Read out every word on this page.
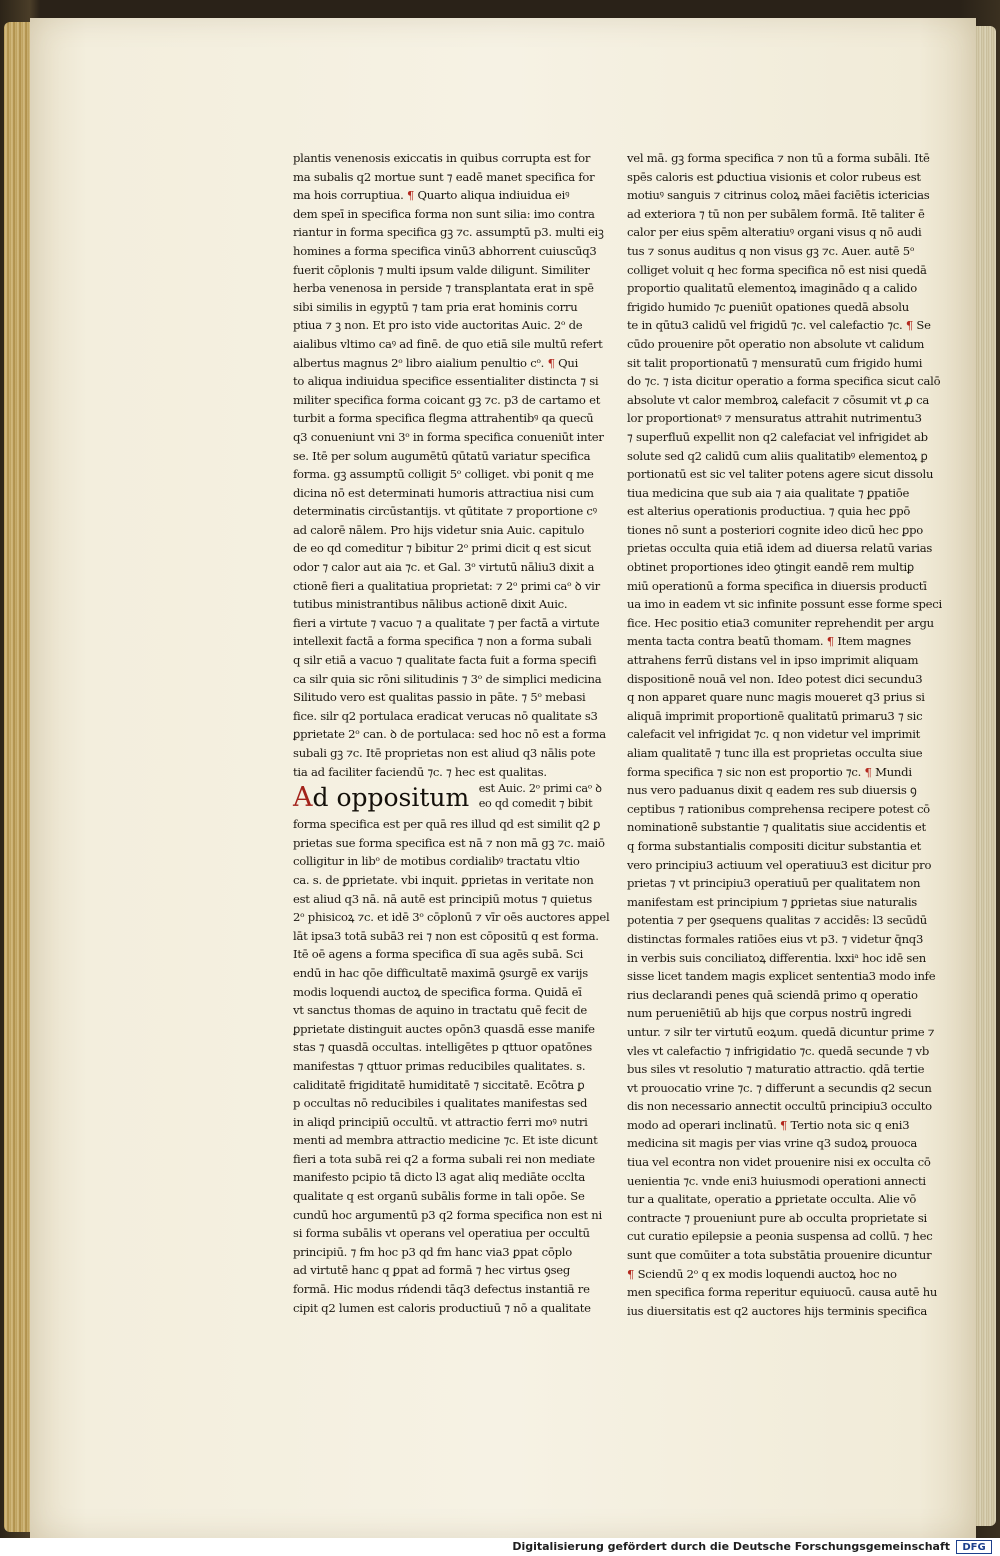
plantis venenosis exiccatis in quibus corrupta est for
ma subalis q2 mortue sunt ⁊ eadē manet specifica for
ma hois corruptiua. ¶ Quarto aliqua indiuidua eiꝰ
dem speī in specifica forma non sunt silia: imo contra
riantur in forma specifica gꝫ ⁊c. assumptū p3. multi eiꝫ
homines a forma specifica vinū3 abhorrent cuiuscūq3
fuerit cōplonis ⁊ multi ipsum valde diligunt. Similiter
herba venenosa in perside ⁊ transplantata erat in spē
sibi similis in egyptū ⁊ tam pria erat hominis corru
ptiua ⁊ ꝫ non. Et pro isto vide auctoritas Auic. 2ᵒ de
aialibus vltimo caꝰ ad finē. de quo etiā sile multū refert
albertus magnus 2ᵒ libro aialium penultio cᵒ. ¶ Qui
to aliqua indiuidua specifice essentialiter distincta ⁊ si
militer specifica forma coicant gꝫ ⁊c. p3 de cartamo et
turbit a forma specifica flegma attrahentibꝰ qa quecū
q3 conueniunt vni 3ᵒ in forma specifica conueniūt inter
se. Itē per solum augumētū qūtatū variatur specifica
forma. gꝫ assumptū colligit 5ᵒ colliget. vbi ponit q me
dicina nō est determinati humoris attractiua nisi cum
determinatis circūstantijs. vt qūtitate ⁊ proportione cꝰ
ad calorē nālem. Pro hijs videtur snia Auic. capitulo
de eo qd comeditur ⁊ bibitur 2ᵒ primi dicit q est sicut
odor ⁊ calor aut aia ⁊c. et Gal. 3ᵒ virtutū nāliu3 dixit a
ctionē fieri a qualitatiua proprietat: ⁊ 2ᵒ primi caᵒ ꝺ vir
tutibus ministrantibus nālibus actionē dixit Auic.
fieri a virtute ⁊ vacuo ⁊ a qualitate ⁊ per factā a virtute
intellexit factā a forma specifica ⁊ non a forma subali
q silr etiā a vacuo ⁊ qualitate facta fuit a forma specifi
ca silr quia sic rōni silitudinis ⁊ 3ᵒ de simplici medicina
Silitudo vero est qualitas passio in pāte. ⁊ 5ᵒ mebasi
fice. silr q2 portulaca eradicat verucas nō qualitate s3
ꝑprietate 2ᵒ can. ꝺ de portulaca: sed hoc nō est a forma
subali gꝫ ⁊c. Itē proprietas non est aliud q3 nālis pote
tia ad faciliter faciendū ⁊c. ⁊ hec est qualitas.
Ad oppositum est Auic. 2ᵒ primi caᵒ ꝺ
eo qd comedit ⁊ bibit
forma specifica est per quā res illud qd est similit q2 ꝑ
prietas sue forma specifica est nā ⁊ non mā gꝫ ⁊c. maiō
colligitur in libᵒ de motibus cordialibꝰ tractatu vltio
ca. s. de ꝑprietate. vbi inquit. ꝑprietas in veritate non
est aliud q3 nā. nā autē est principiū motus ⁊ quietus
2ᵒ phisicoꝝ ⁊c. et idē 3ᵒ cōplonū ⁊ vīr oēs auctores appel
lāt ipsa3 totā subā3 rei ⁊ non est cōpositū q est forma.
Itē oē agens a forma specifica dī sua agēs subā. Sci
endū in hac qōe difficultatē maximā ꝯsurgē ex varijs
modis loquendi auctoꝝ de specifica forma. Quidā eī
vt sanctus thomas de aquino in tractatu quē fecit de
ꝑprietate distinguit auctes opōn3 quasdā esse manife
stas ⁊ quasdā occultas. intelligētes p qttuor opatōnes
manifestas ⁊ qttuor primas reducibiles qualitates. s.
caliditatē frigiditatē humiditatē ⁊ siccitatē. Ecōtra ꝑ
p occultas nō reducibiles i qualitates manifestas sed
in aliqd principiū occultū. vt attractio ferri moꝰ nutri
menti ad membra attractio medicine ⁊c. Et iste dicunt
fieri a tota subā rei q2 a forma subali rei non mediate
manifesto pcipio tā dicto l3 agat aliq mediāte occlta
qualitate q est organū subālis forme in tali opōe. Se
cundū hoc argumentū p3 q2 forma specifica non est ni
si forma subālis vt operans vel operatiua per occultū
principiū. ⁊ fm hoc p3 qd fm hanc via3 ꝑpat cōplo
ad virtutē hanc q ꝑpat ad formā ⁊ hec virtus ꝯseg
formā. Hic modus rńdendi tāq3 defectus instantiā re
cipit q2 lumen est caloris productiuū ⁊ nō a qualitate
vel mā. gꝫ forma specifica ⁊ non tū a forma subāli. Itē
spēs caloris est ꝑductiua visionis et color rubeus est
motiuꝰ sanguis ⁊ citrinus coloꝝ māei faciētis ictericias
ad exteriora ⁊ tū non per subālem formā. Itē taliter ē
calor per eius spēm alteratiuꝰ organi visus q nō audi
tus ⁊ sonus auditus q non visus gꝫ ⁊c. Auer. autē 5ᵒ
colliget voluit q hec forma specifica nō est nisi quedā
proportio qualitatū elementoꝝ imaginādo q a calido
frigido humido ⁊c ꝑueniūt opationes quedā absolu
te in qūtu3 calidū vel frigidū ⁊c. vel calefactio ⁊c. ¶ Se
cūdo prouenire pōt operatio non absolute vt calidum
sit talit proportionatū ⁊ mensuratū cum frigido humi
do ⁊c. ⁊ ista dicitur operatio a forma specifica sicut calō
absolute vt calor membroꝝ calefacit ⁊ cōsumit vt ꝓ ca
lor proportionatꝰ ⁊ mensuratus attrahit nutrimentu3
⁊ superfluū expellit non q2 calefaciat vel infrigidet ab
solute sed q2 calidū cum aliis qualitatibꝰ elementoꝝ ꝑ
portionatū est sic vel taliter potens agere sicut dissolu
tiua medicina que sub aia ⁊ aia qualitate ⁊ ꝑpatiōe
est alterius operationis productiua. ⁊ quia hec ꝑpō
tiones nō sunt a posteriori cognite ideo dicū hec ꝑpo
prietas occulta quia etiā idem ad diuersa relatū varias
obtinet proportiones ideo ꝯtingit eandē rem multiꝑ
miū operationū a forma specifica in diuersis productī
ua imo in eadem vt sic infinite possunt esse forme speci
fice. Hec positio etia3 comuniter reprehendit per argu
menta tacta contra beatū thomam. ¶ Item magnes
attrahens ferrū distans vel in ipso imprimit aliquam
dispositionē nouā vel non. Ideo potest dici secundu3
q non apparet quare nunc magis moueret q3 prius si
aliquā imprimit proportionē qualitatū primaru3 ⁊ sic
calefacit vel infrigidat ⁊c. q non videtur vel imprimit
aliam qualitatē ⁊ tunc illa est proprietas occulta siue
forma specifica ⁊ sic non est proportio ⁊c. ¶ Mundi
nus vero paduanus dixit q eadem res sub diuersis ꝯ
ceptibus ⁊ rationibus comprehensa recipere potest cō
nominationē substantie ⁊ qualitatis siue accidentis et
q forma substantialis compositi dicitur substantia et
vero principiu3 actiuum vel operatiuu3 est dicitur pro
prietas ⁊ vt principiu3 operatiuū per qualitatem non
manifestam est principium ⁊ ꝑprietas siue naturalis
potentia ⁊ per ꝯsequens qualitas ⁊ accidēs: l3 secūdū
distinctas formales ratiōes eius vt p3. ⁊ videtur q̄nq3
in verbis suis conciliatoꝝ differentia. lxxiᵃ hoc idē sen
sisse licet tandem magis explicet sententia3 modo infe
rius declarandi penes quā sciendā primo q operatio
num perueniētiū ab hijs que corpus nostrū ingredi
untur. ⁊ silr ter virtutū eoꝝum. quedā dicuntur prime ⁊
vles vt calefactio ⁊ infrigidatio ⁊c. quedā secunde ⁊ vb
bus siles vt resolutio ⁊ maturatio attractio. qdā tertie
vt prouocatio vrine ⁊c. ⁊ differunt a secundis q2 secun
dis non necessario annectit occultū principiu3 occulto
modo ad operari inclinatū. ¶ Tertio nota sic q eni3
medicina sit magis per vias vrine q3 sudoꝝ prouoca
tiua vel econtra non videt prouenire nisi ex occulta cō
uenientia ⁊c. vnde eni3 huiusmodi operationi annecti
tur a qualitate, operatio a ꝑprietate occulta. Alie vō
contracte ⁊ proueniunt pure ab occulta proprietate si
cut curatio epilepsie a peonia suspensa ad collū. ⁊ hec
sunt que comūiter a tota substātia prouenire dicuntur
¶ Sciendū 2ᵒ q ex modis loquendi auctoꝝ hoc no
men specifica forma reperitur equiuocū. causa autē hu
ius diuersitatis est q2 auctores hijs terminis specifica
Digitalisierung gefördert durch die Deutsche Forschungsgemeinschaft	DFG
